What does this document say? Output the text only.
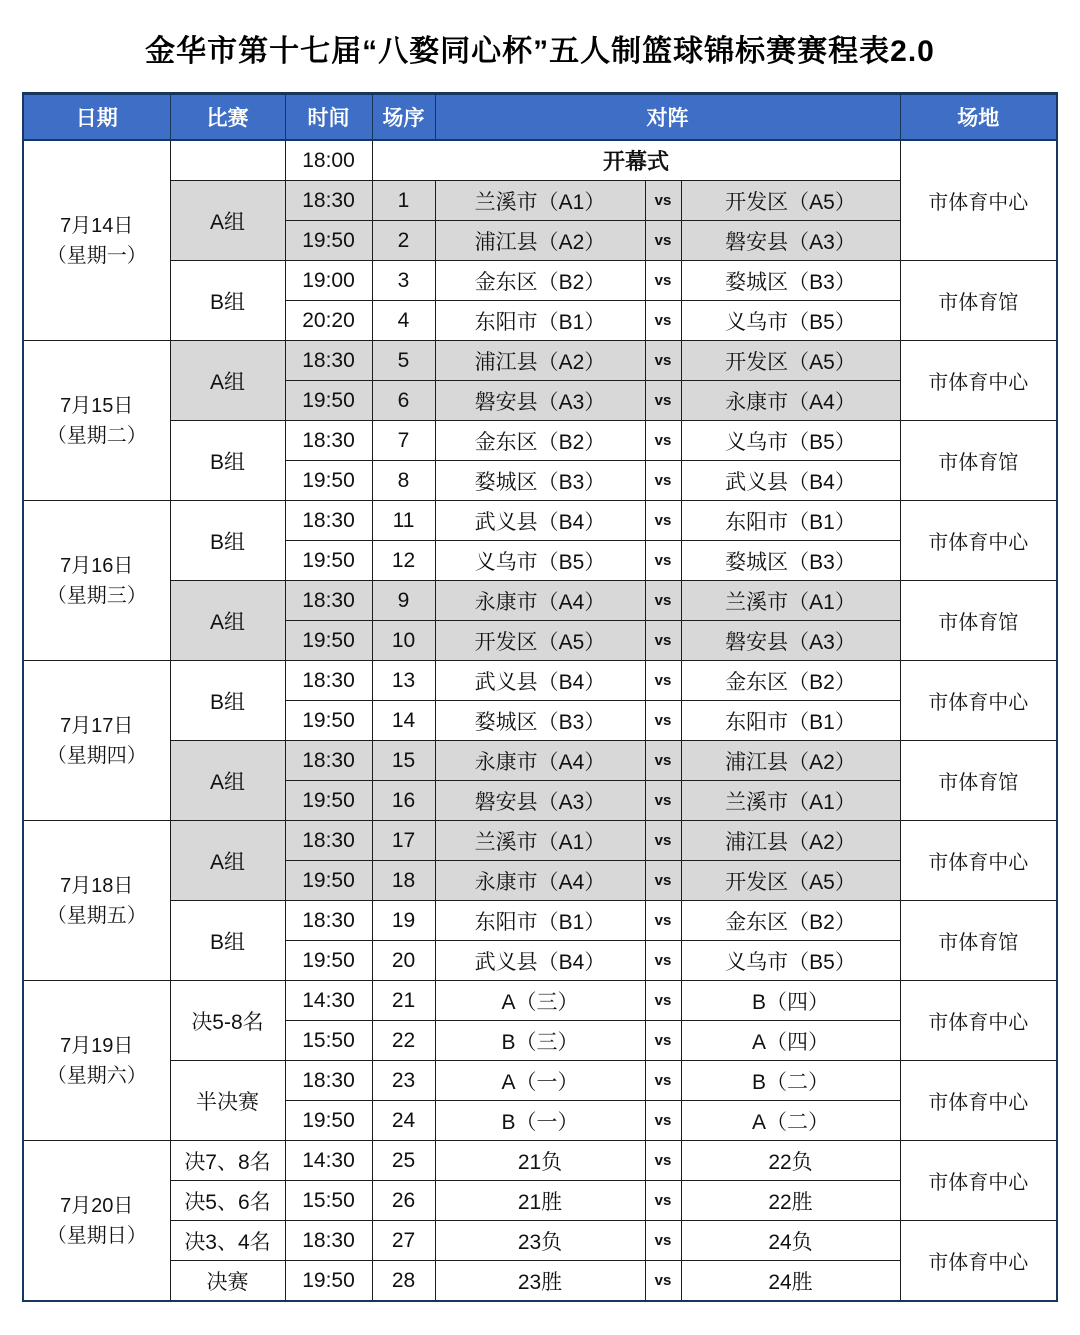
金华市第十七届“八婺同心杯”五人制篮球锦标赛赛程表2.0
日期	比赛	时间	场序	对阵			场地

7月14日
（星期一）		18:00	开幕式				市体育中心
	A组	18:30	1	兰溪市（A1）	vs	开发区（A5）	
		19:50	2	浦江县（A2）	vs	磐安县（A3）	
	B组	19:00	3	金东区（B2）	vs	婺城区（B3）	市体育馆
		20:20	4	东阳市（B1）	vs	义乌市（B5）	

7月15日
（星期二）	A组	18:30	5	浦江县（A2）	vs	开发区（A5）	市体育中心
		19:50	6	磐安县（A3）	vs	永康市（A4）	
	B组	18:30	7	金东区（B2）	vs	义乌市（B5）	市体育馆
		19:50	8	婺城区（B3）	vs	武义县（B4）	

7月16日
（星期三）	B组	18:30	11	武义县（B4）	vs	东阳市（B1）	市体育中心
		19:50	12	义乌市（B5）	vs	婺城区（B3）	
	A组	18:30	9	永康市（A4）	vs	兰溪市（A1）	市体育馆
		19:50	10	开发区（A5）	vs	磐安县（A3）	

7月17日
（星期四）	B组	18:30	13	武义县（B4）	vs	金东区（B2）	市体育中心
		19:50	14	婺城区（B3）	vs	东阳市（B1）	
	A组	18:30	15	永康市（A4）	vs	浦江县（A2）	市体育馆
		19:50	16	磐安县（A3）	vs	兰溪市（A1）	

7月18日
（星期五）	A组	18:30	17	兰溪市（A1）	vs	浦江县（A2）	市体育中心
		19:50	18	永康市（A4）	vs	开发区（A5）	
	B组	18:30	19	东阳市（B1）	vs	金东区（B2）	市体育馆
		19:50	20	武义县（B4）	vs	义乌市（B5）	

7月19日
（星期六）	决5-8名	14:30	21	A（三）	vs	B（四）	市体育中心
		15:50	22	B（三）	vs	A（四）	
	半决赛	18:30	23	A（一）	vs	B（二）	市体育中心
		19:50	24	B（一）	vs	A（二）	

7月20日
（星期日）	决7、8名	14:30	25	21负	vs	22负	市体育中心
	决5、6名	15:50	26	21胜	vs	22胜	
	决3、4名	18:30	27	23负	vs	24负	市体育中心
	决赛	19:50	28	23胜	vs	24胜	
